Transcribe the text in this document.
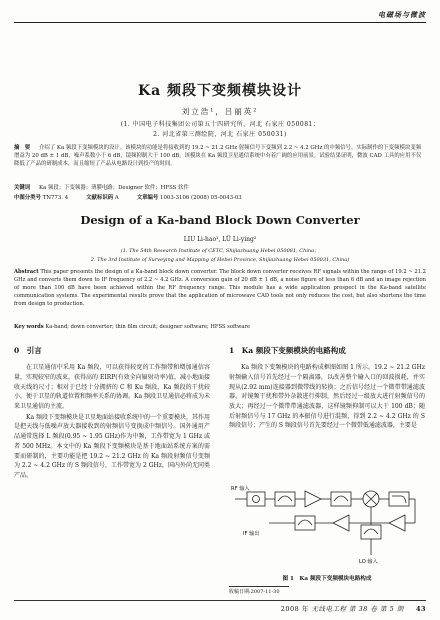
电磁场与微波
Ka 频段下变频模块设计
刘立浩¹，吕丽英²
(1. 中国电子科技集团公司第五十四研究所，河北 石家庄 050081；
2. 河北省第三测绘院，河北 石家庄 050031)
摘　要 　 介绍了 Ka 频段下变频模块的设计。该模块的功能是将接收到的 19.2 ~ 21.2 GHz 射频信号下变频到 2.2 ~ 4.2 GHz 的中频信号。实际制作的下变频模块变频增益为 20 dB ± 1 dB，噪声系数小于 6 dB，镜频抑制大于 100 dB。该模块在 Ka 频段卫星通信系统中有着广阔的应用前景。试验结果证明，微波 CAD 工具的应用不仅降低了产品的研制成本，而且缩短了产品从电路设计到投产的时间。
关键词 　 Ka 频段；下变频器；薄膜电路；Designer 软件；HFSS 软件
中图分类号 TN773. 4	文献标识码 A	文章编号 1003-3106 (2008) 05-0043-03
Design of a Ka-band Block Down Converter
LIU Li-hao¹, LÜ Li-ying²
(1. The 54th Research Institute of CETC, Shijiazhuang Hebei 050081, China；
2. The 3rd Institute of Surveying and Mapping of Hebei Province, Shijiazhuang Hebei 050031, China)
Abstract This paper presents the design of a Ka-band block down converter. The block down converter receives RF signals within the range of 19.2 ~ 21.2 GHz and converts them down to IF frequency of 2.2 ~ 4.2 GHz. A conversion gain of 20 dB ± 1 dB, a noise figure of less than 6 dB and an image rejection of more than 100 dB have been achieved within the RF frequency range. This module has a wide application prospect in the Ka-band satellite communication systems. The experimental results prove that the application of microwave CAD tools not only reduces the cost, but also shortens the time from design to production.
Key words Ka-band; down converter; thin film circuit; designer software; HFSS software
0　引言

在卫星通信中采用 Ka 频段，可以获得较宽的工作频带和增加通信容量，实现较窄的波束，获得高的 EIRP(有效全向辐射功率)值，减小地面接收天线的尺寸；相对于已经十分拥挤的 C 和 Ku 频段，Ka 频段的干扰较小，便于卫星的轨道位置和频率关系的协调。Ka 频段卫星通信必将成为未来卫星通信的主流。

Ka 频段下变频模块是卫星地面站接收系统中的一个重要模块，其作用是把天线与低噪声放大器接收到的射频信号变换成中频信号。国外通用产品通常选择 L 频段(0.95 ~ 1.95 GHz)作为中频，工作带宽为 1 GHz 或者 500 MHz。本文中的 Ka 频段下变频模块是基于地面站系统方案的需要而研制的，主要功能是把 19.2 ~ 21.2 GHz 的 Ka 频段射频信号变频为 2.2 ~ 4.2 GHz 的 S 频段信号，工作带宽为 2 GHz，国内外尚无同类产品。

1　Ka 频段下变频模块的电路构成

Ka 频段下变频模块的电路构成框图如图 1 所示。19.2 ~ 21.2 GHz 射频输入信号首先经过一个隔离器，以改善整个输入口的回波损耗，并实现从(2.92 mm)连接器到微带线的转换；之后信号经过一个微带带通滤波器，对镜频干扰和带外杂散进行抑制，然后经过一级放大进行射频信号的放大；再经过一个微带带通滤波器，这样镜频抑制可以大于 100 dB；随后射频信号与 17 GHz 的本振信号进行混频，得到 2.2 ~ 4.2 GHz 的 S 频段信号；产生的 S 频段信号首先要经过一个微带低通滤波器，主要是

RF 输入
LO 输入
IF 输出
图 1　Ka 频段下变频模块电路构成
收稿日期:2007-11-30
2008 年 无线电工程 第 38 卷 第 5 期 　 43
